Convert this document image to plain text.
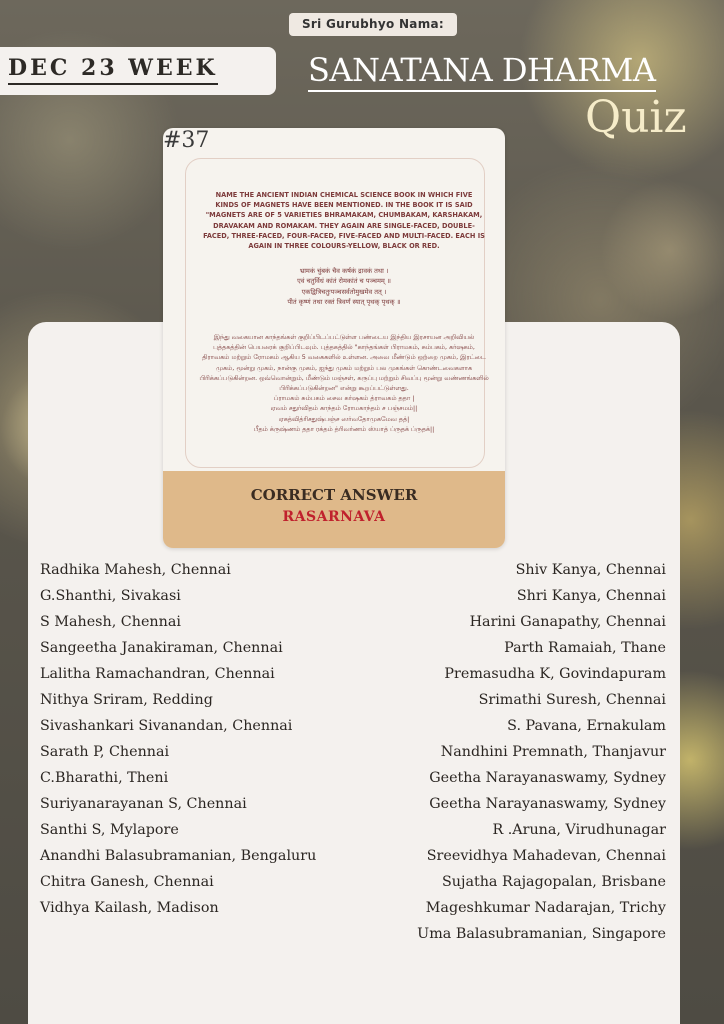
Sri Gurubhyo Nama:
DEC 23 WEEK	SANATANA DHARMA
Quiz
#37
NAME THE ANCIENT INDIAN CHEMICAL SCIENCE BOOK IN WHICH FIVE KINDS OF MAGNETS HAVE BEEN MENTIONED. IN THE BOOK IT IS SAID "MAGNETS ARE OF 5 VARIETIES BHRAMAKAM, CHUMBAKAM, KARSHAKAM, DRAVAKAM AND ROMAKAM. THEY AGAIN ARE SINGLE-FACED, DOUBLE-FACED, THREE-FACED, FOUR-FACED, FIVE-FACED AND MULTI-FACED. EACH IS AGAIN IN THREE COLOURS-YELLOW, BLACK OR RED.
भ्रामकं चुंबकं चैव कर्षकं द्रावकं तथा ।
एवं चतुर्विधं कांतं रोमकांतं च पञ्चमम् ॥
एकद्वित्रिचतुःपञ्चसर्वतोमुखमेव तत् ।
पीतं कृष्णं तथा रक्तं त्रिवर्णं स्यात् पृथक् पृथक् ॥
இந்து வகையான காந்தங்கள் குறிப்பிடப்பட்டுள்ள பண்டைய இந்திய இரசாயன அறிவியல் புத்தகத்தின் பெயரைக் குறிப்பிடவும். புத்தகத்தில் "காந்தங்கள் பிராமகம், சும்பகம், கர்ஷகம், திராவகம் மற்றும் ரோமகம் ஆகிய 5 வகைகளில் உள்ளன. அவை மீண்டும் ஒற்றை முகம், இரட்டை முகம், மூன்று முகம், நான்கு முகம், ஐந்து முகம் மற்றும் பல முகங்கள் கொண்டவைகளாக பிரிக்கப்படுகின்றன. ஒவ்வொன்றும், மீண்டும் மஞ்சள், கருப்பு மற்றும் சிவப்பு மூன்று வண்ணங்களில் பிரிக்கப்படுகின்றன" என்று கூறப்பட்டுள்ளது.
ப்ராமகம் சும்பகம் சைவ கர்ஷகம் த்ராவகம் ததா |
ஏவம் சதுர்விதம் காந்தம் ரோமகாந்தம் ச பஞ்சமம்||
ஏகத்வித்ரிசதுஷ்பஞ்ச ஸர்வதோமுகமேவ தத்|
பீதம் க்ருஷ்ணம் ததா ரக்தம் த்ரிவர்ணம் ஸ்யாத் ப்ருதக் ப்ருதக்||
CORRECT ANSWER
RASARNAVA
Radhika Mahesh, Chennai
G.Shanthi, Sivakasi
S Mahesh, Chennai
Sangeetha Janakiraman, Chennai
Lalitha Ramachandran, Chennai
Nithya Sriram, Redding
Sivashankari Sivanandan, Chennai
Sarath P, Chennai
C.Bharathi, Theni
Suriyanarayanan S, Chennai
Santhi S, Mylapore
Anandhi Balasubramanian, Bengaluru
Chitra Ganesh, Chennai
Vidhya Kailash, Madison
Shiv Kanya, Chennai
Shri Kanya, Chennai
Harini Ganapathy, Chennai
Parth Ramaiah, Thane
Premasudha K, Govindapuram
Srimathi Suresh, Chennai
S. Pavana, Ernakulam
Nandhini Premnath, Thanjavur
Geetha Narayanaswamy, Sydney
Geetha Narayanaswamy, Sydney
R .Aruna, Virudhunagar
Sreevidhya Mahadevan, Chennai
Sujatha Rajagopalan, Brisbane
Mageshkumar Nadarajan, Trichy
Uma Balasubramanian, Singapore
